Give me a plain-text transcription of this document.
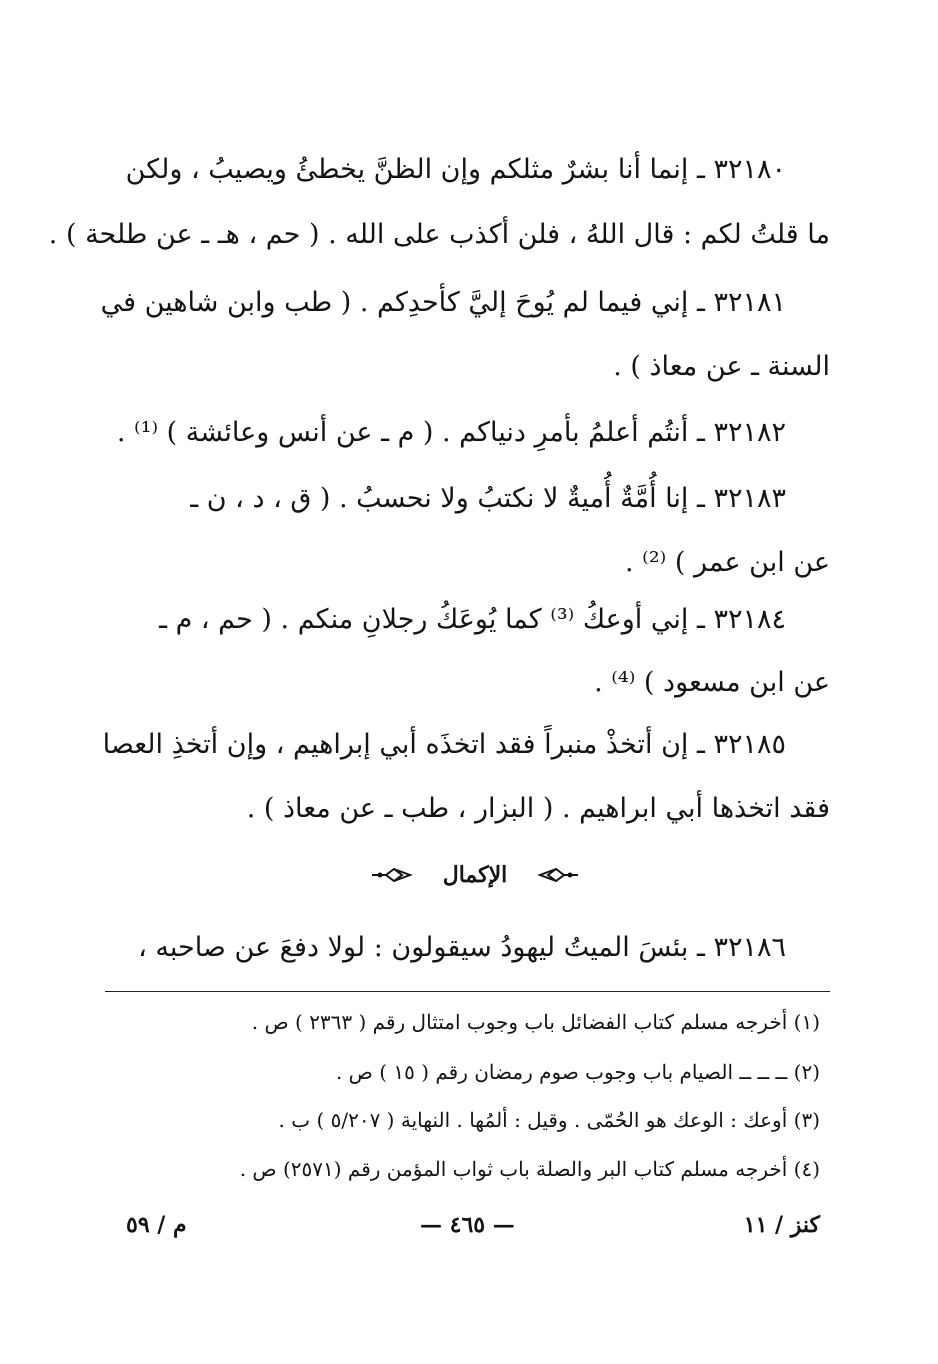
٣٢١٨٠ ـ إنما أنا بشرٌ مثلكم وإن الظنَّ يخطئُ ويصيبُ ، ولكن
ما قلتُ لكم : قال اللهُ ، فلن أكذب على الله . ( حم ، هـ ـ عن طلحة ) .
٣٢١٨١ ـ إني فيما لم يُوحَ إليَّ كأحدِكم . ( طب وابن شاهين في
السنة ـ عن معاذ ) .
٣٢١٨٢ ـ أنتُم أعلمُ بأمرِ دنياكم . ( م ـ عن أنس وعائشة ) ⁽¹⁾ .
٣٢١٨٣ ـ إنا أُمَّةٌ أُميةٌ لا نكتبُ ولا نحسبُ . ( ق ، د ، ن ـ
عن ابن عمر ) ⁽²⁾ .
٣٢١٨٤ ـ إني أوعكُ ⁽³⁾ كما يُوعَكُ رجلانِ منكم . ( حم ، م ـ
عن ابن مسعود ) ⁽⁴⁾ .
٣٢١٨٥ ـ إن أتخذْ منبراً فقد اتخذَه أبي إبراهيم ، وإن أتخذِ العصا
فقد اتخذها أبي ابراهيم . ( البزار ، طب ـ عن معاذ ) .
الإكمال
٣٢١٨٦ ـ بئسَ الميتُ ليهودُ سيقولون : لولا دفعَ عن صاحبه ،
(١) أخرجه مسلم كتاب الفضائل باب وجوب امتثال رقم ( ٢٣٦٣ ) ص .
(٢) ــ ــ ــ الصيام باب وجوب صوم رمضان رقم ( ١٥ ) ص .
(٣) أوعك : الوعك هو الحُمّى . وقيل : ألمُها . النهاية ( ٥/٢٠٧ ) ب .
(٤) أخرجه مسلم كتاب البر والصلة باب ثواب المؤمن رقم (٢٥٧١) ص .
كنز / ١١
— ٤٦٥ —
م / ٥٩
